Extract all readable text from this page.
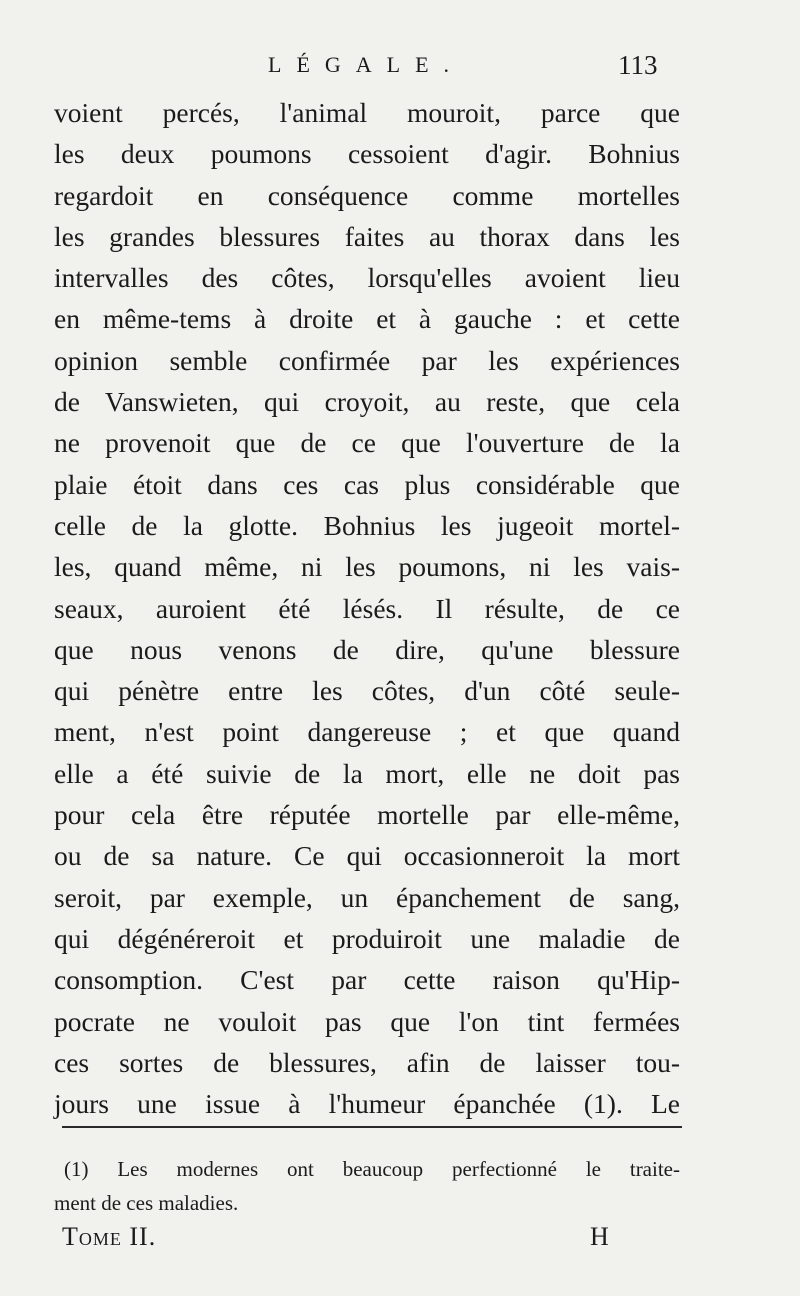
LÉGALE.	113
voient percés, l'animal mouroit, parce que
les deux poumons cessoient d'agir. Bohnius
regardoit en conséquence comme mortelles
les grandes blessures faites au thorax dans les
intervalles des côtes, lorsqu'elles avoient lieu
en même-tems à droite et à gauche : et cette
opinion semble confirmée par les expériences
de Vanswieten, qui croyoit, au reste, que cela
ne provenoit que de ce que l'ouverture de la
plaie étoit dans ces cas plus considérable que
celle de la glotte. Bohnius les jugeoit mortel-
les, quand même, ni les poumons, ni les vais-
seaux, auroient été lésés. Il résulte, de ce
que nous venons de dire, qu'une blessure
qui pénètre entre les côtes, d'un côté seule-
ment, n'est point dangereuse ; et que quand
elle a été suivie de la mort, elle ne doit pas
pour cela être réputée mortelle par elle-même,
ou de sa nature. Ce qui occasionneroit la mort
seroit, par exemple, un épanchement de sang,
qui dégénéreroit et produiroit une maladie de
consomption. C'est par cette raison qu'Hip-
pocrate ne vouloit pas que l'on tint fermées
ces sortes de blessures, afin de laisser tou-
jours une issue à l'humeur épanchée (1). Le
(1) Les modernes ont beaucoup perfectionné le traite-
ment de ces maladies.
Tome II.	H
